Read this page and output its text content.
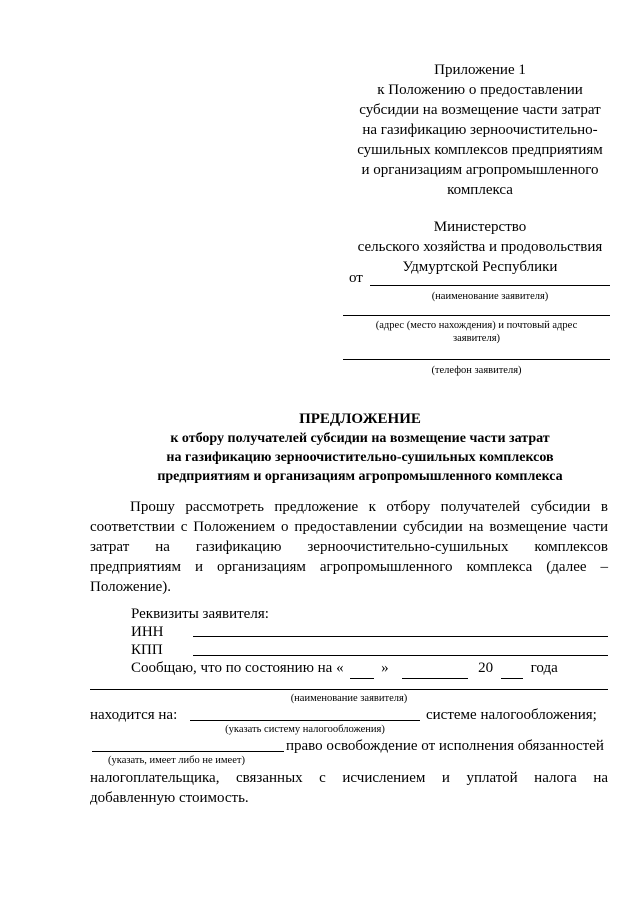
Приложение 1
к Положению о предоставлении
субсидии на возмещение части затрат
на газификацию зерноочистительно-
сушильных комплексов предприятиям
и организациям агропромышленного
комплекса
Министерство
сельского хозяйства и продовольствия
Удмуртской Республики
от
(наименование заявителя)
(адрес (место нахождения) и почтовый адрес
заявителя)
(телефон заявителя)
ПРЕДЛОЖЕНИЕ
к отбору получателей субсидии на возмещение части затрат
на газификацию зерноочистительно-сушильных комплексов
предприятиям и организациям агропромышленного комплекса
Прошу рассмотреть предложение к отбору получателей субсидии в
соответствии с Положением о предоставлении субсидии на возмещение части
затрат на газификацию зерноочистительно-сушильных комплексов
предприятиям и организациям агропромышленного комплекса (далее –
Положение).
Реквизиты заявителя:
ИНН
КПП
Сообщаю, что по состоянию на «	»	20	года
(наименование заявителя)
находится на:	системе налогообложения;
(указать систему налогообложения)
право освобождение от исполнения обязанностей
(указать, имеет либо не имеет)
налогоплательщика, связанных с исчислением и уплатой налога на
добавленную стоимость.
